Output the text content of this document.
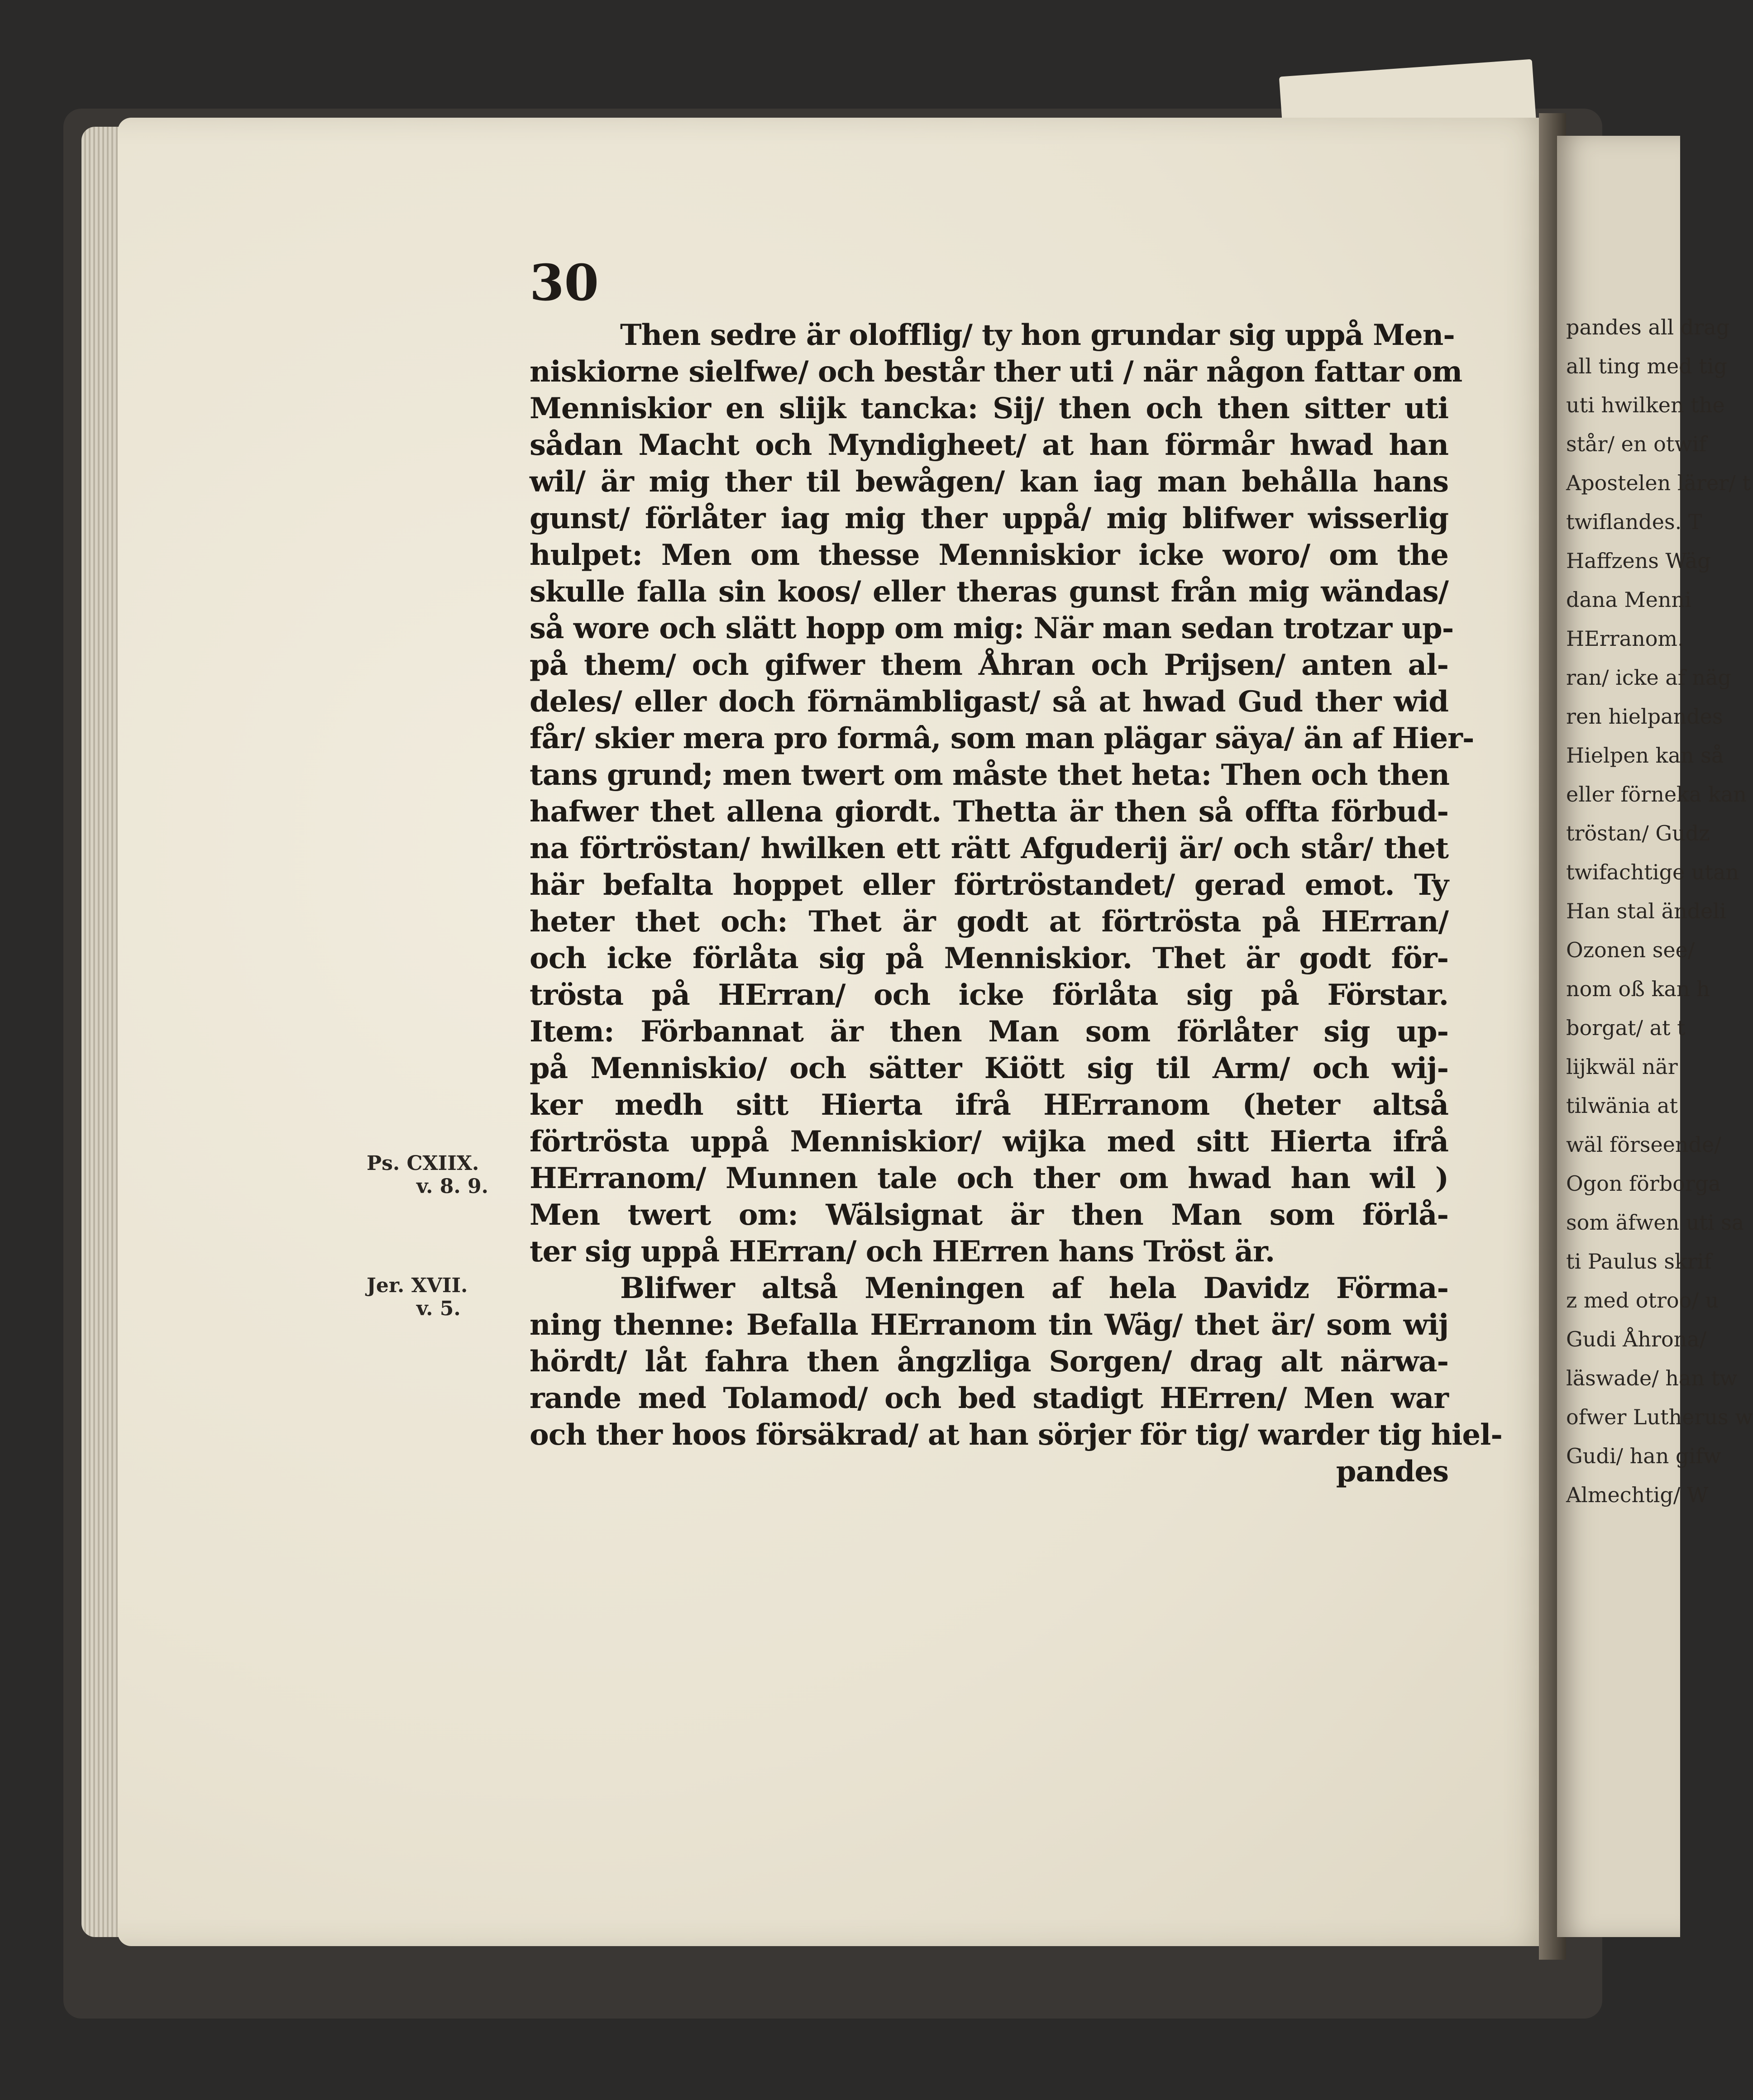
pandes all drag
all ting med tig
uti hwilken the
står/ en otwif
Apostelen lärer/ t
twiflandes. T
Haffzens Wäg
dana Menni
HErranom.
ran/ icke af näg
ren hielpandes
Hielpen kan så
eller förneka kan
tröstan/ Gudz
twifachtige utan
Han stal ändeli
Ozonen see/
nom oß kan h
borgat/ at t
lijkwäl när
tilwänia at
wäl förseende/
Ogon förborga
som äfwen uti sa
ti Paulus skrif
z med otroo/ u
Gudi Åhrona/
läswade/ han tw
ofwer Lutherus w
Gudi/ han gifw
Almechtig/ W
30
Then sedre är olofflig/ ty hon grundar sig uppå Men-
niskiorne sielfwe/ och består ther uti / när någon fattar om
Menniskior en slijk tancka: Sij/ then och then sitter uti
sådan Macht och Myndigheet/ at han förmår hwad han
wil/ är mig ther til bewågen/ kan iag man behålla hans
gunst/ förlåter iag mig ther uppå/ mig blifwer wisserlig
hulpet: Men om thesse Menniskior icke woro/ om the
skulle falla sin koos/ eller theras gunst från mig wändas/
så wore och slätt hopp om mig: När man sedan trotzar up-
på them/ och gifwer them Åhran och Prijsen/ anten al-
deles/ eller doch förnämbligast/ så at hwad Gud ther wid
får/ skier mera pro formâ, som man plägar säya/ än af Hier-
tans grund; men twert om måste thet heta: Then och then
hafwer thet allena giordt. Thetta är then så offta förbud-
na förtröstan/ hwilken ett rätt Afguderij är/ och står/ thet
här befalta hoppet eller förtröstandet/ gerad emot. Ty
heter thet och: Thet är godt at förtrösta på HErran/
och icke förlåta sig på Menniskior. Thet är godt för-
trösta på HErran/ och icke förlåta sig på Förstar.
Item: Förbannat är then Man som förlåter sig up-
på Menniskio/ och sätter Kiött sig til Arm/ och wij-
ker medh sitt Hierta ifrå HErranom (heter altså
förtrösta uppå Menniskior/ wijka med sitt Hierta ifrå
HErranom/ Munnen tale och ther om hwad han wil )
Men twert om: Wälsignat är then Man som förlå-
ter sig uppå HErran/ och HErren hans Tröst är.
Blifwer altså Meningen af hela Davidz Förma-
ning thenne: Befalla HErranom tin Wäg/ thet är/ som wij
hördt/ låt fahra then ångzliga Sorgen/ drag alt närwa-
rande med Tolamod/ och bed stadigt HErren/ Men war
och ther hoos försäkrad/ at han sörjer för tig/ warder tig hiel-
pandes
Ps. CXIIX.
v. 8. 9.
Jer. XVII.
v. 5.
